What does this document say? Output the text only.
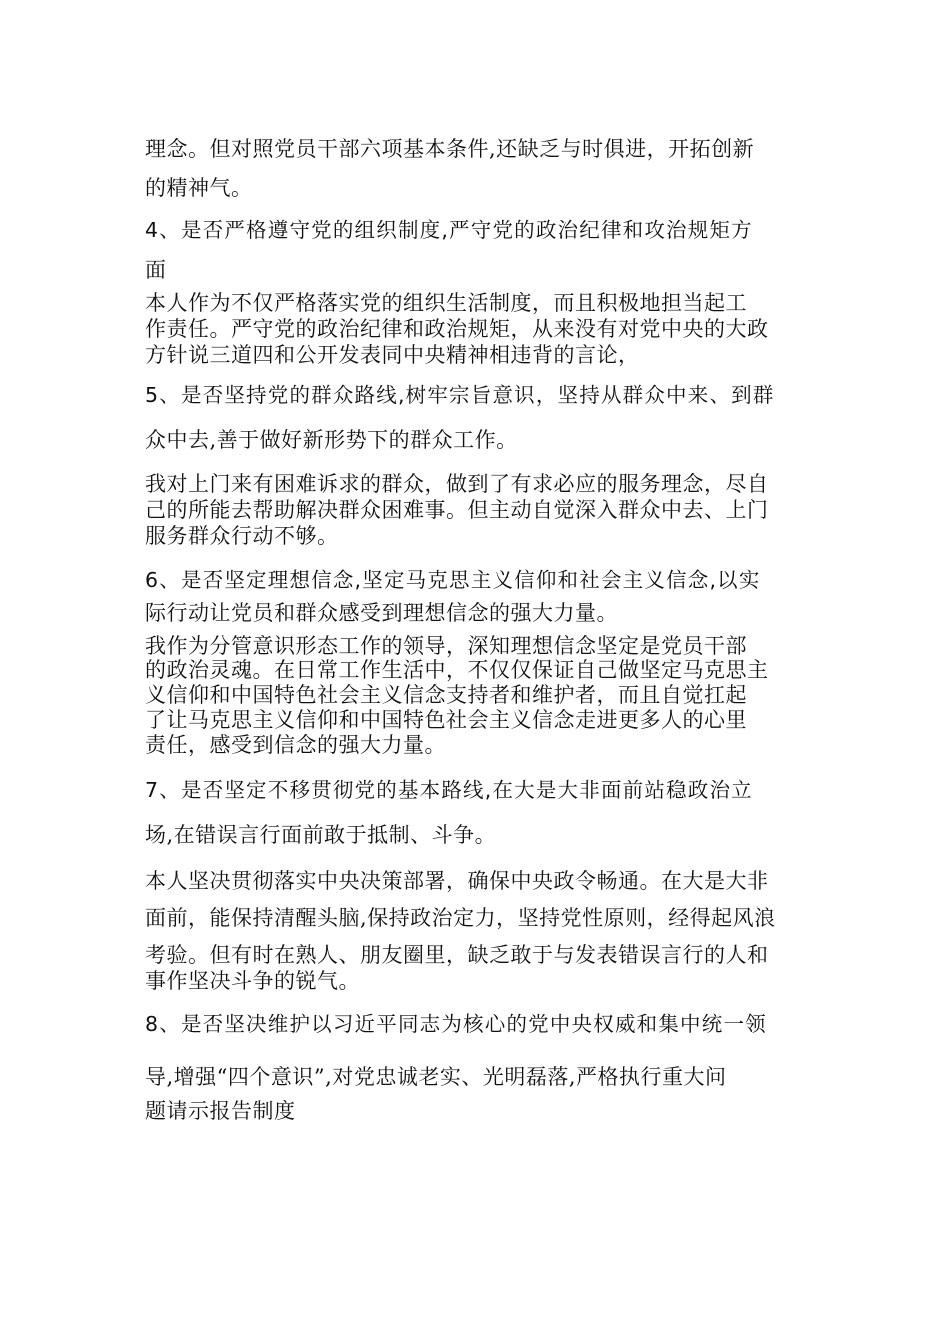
理念。但对照党员干部六项基本条件,还缺乏与时俱进，开拓创新
的精神气。
4、是否严格遵守党的组织制度,严守党的政治纪律和攻治规矩方
面
本人作为不仅严格落实党的组织生活制度，而且积极地担当起工
作责任。严守党的政治纪律和政治规矩，从来没有对党中央的大政
方针说三道四和公开发表同中央精神相违背的言论，
5、是否坚持党的群众路线,树牢宗旨意识，坚持从群众中来、到群
众中去,善于做好新形势下的群众工作。
我对上门来有困难诉求的群众，做到了有求必应的服务理念，尽自
己的所能去帮助解决群众困难事。但主动自觉深入群众中去、上门
服务群众行动不够。
6、是否坚定理想信念,坚定马克思主义信仰和社会主义信念,以实
际行动让党员和群众感受到理想信念的强大力量。
我作为分管意识形态工作的领导，深知理想信念坚定是党员干部
的政治灵魂。在日常工作生活中，不仅仅保证自己做坚定马克思主
义信仰和中国特色社会主义信念支持者和维护者，而且自觉扛起
了让马克思主义信仰和中国特色社会主义信念走进更多人的心里
责任，感受到信念的强大力量。
7、是否坚定不移贯彻党的基本路线,在大是大非面前站稳政治立
场,在错误言行面前敢于抵制、斗争。
本人坚决贯彻落实中央决策部署，确保中央政令畅通。在大是大非
面前，能保持清醒头脑,保持政治定力，坚持党性原则，经得起风浪
考验。但有时在熟人、朋友圈里，缺乏敢于与发表错误言行的人和
事作坚决斗争的锐气。
8、是否坚决维护以习近平同志为核心的党中央权威和集中统一领
导,增强“四个意识”,对党忠诚老实、光明磊落,严格执行重大问
题请示报告制度
